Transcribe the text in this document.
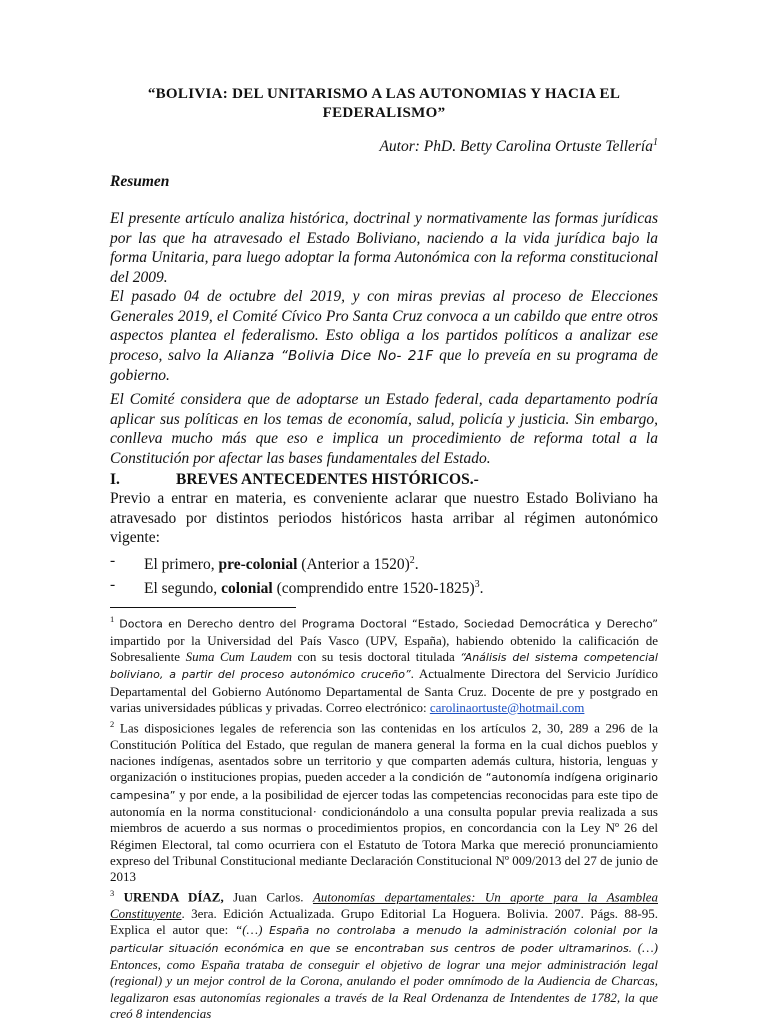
“BOLIVIA: DEL UNITARISMO A LAS AUTONOMIAS Y HACIA EL FEDERALISMO”
Autor: PhD. Betty Carolina Ortuste Tellería$^1$
Resumen
El presente artículo analiza histórica, doctrinal y normativamente las formas jurídicas por las que ha atravesado el Estado Boliviano, naciendo a la vida jurídica bajo la forma Unitaria, para luego adoptar la forma Autonómica con la reforma constitucional del 2009.
El pasado 04 de octubre del 2019, y con miras previas al proceso de Elecciones Generales 2019, el Comité Cívico Pro Santa Cruz convoca a un cabildo que entre otros aspectos plantea el federalismo. Esto obliga a los partidos políticos a analizar ese proceso, salvo la Alianza “Bolivia Dice No- 21F que lo preveía en su programa de gobierno.
El Comité considera que de adoptarse un Estado federal, cada departamento podría aplicar sus políticas en los temas de economía, salud, policía y justicia. Sin embargo, conlleva mucho más que eso e implica un procedimiento de reforma total a la Constitución por afectar las bases fundamentales del Estado.
I.	BREVES ANTECEDENTES HISTÓRICOS.-
Previo a entrar en materia, es conveniente aclarar que nuestro Estado Boliviano ha atravesado por distintos periodos históricos hasta arribar al régimen autonómico vigente:
-	El primero, pre-colonial (Anterior a 1520)$^2$.
-	El segundo, colonial (comprendido entre 1520-1825)$^3$.

$^1$ Doctora en Derecho dentro del Programa Doctoral “Estado, Sociedad Democrática y Derecho” impartido por la Universidad del País Vasco (UPV, España), habiendo obtenido la calificación de Sobresaliente Suma Cum Laudem con su tesis doctoral titulada “Análisis del sistema competencial boliviano, a partir del proceso autonómico cruceño”. Actualmente Directora del Servicio Jurídico Departamental del Gobierno Autónomo Departamental de Santa Cruz. Docente de pre y postgrado en varias universidades públicas y privadas. Correo electrónico: carolinaortuste@hotmail.com

$^2$ Las disposiciones legales de referencia son las contenidas en los artículos 2, 30, 289 a 296 de la Constitución Política del Estado, que regulan de manera general la forma en la cual dichos pueblos y naciones indígenas, asentados sobre un territorio y que comparten además cultura, historia, lenguas y organización o instituciones propias, pueden acceder a la condición de “autonomía indígena originario campesina” y por ende, a la posibilidad de ejercer todas las competencias reconocidas para este tipo de autonomía en la norma constitucional· condicionándolo a una consulta popular previa realizada a sus miembros de acuerdo a sus normas o procedimientos propios, en concordancia con la Ley Nº 26 del Régimen Electoral, tal como ocurriera con el Estatuto de Totora Marka que mereció pronunciamiento expreso del Tribunal Constitucional mediante Declaración Constitucional Nº 009/2013 del 27 de junio de 2013

$^3$ URENDA DÍAZ, Juan Carlos. Autonomías departamentales: Un aporte para la Asamblea Constituyente. 3era. Edición Actualizada. Grupo Editorial La Hoguera. Bolivia. 2007. Págs. 88-95. Explica el autor que: “(…) España no controlaba a menudo la administración colonial por la particular situación económica en que se encontraban sus centros de poder ultramarinos. (…) Entonces, como España trataba de conseguir el objetivo de lograr una mejor administración legal (regional) y un mejor control de la Corona, anulando el poder omnímodo de la Audiencia de Charcas, legalizaron esas autonomías regionales a través de la Real Ordenanza de Intendentes de 1782, la que creó 8 intendencias
